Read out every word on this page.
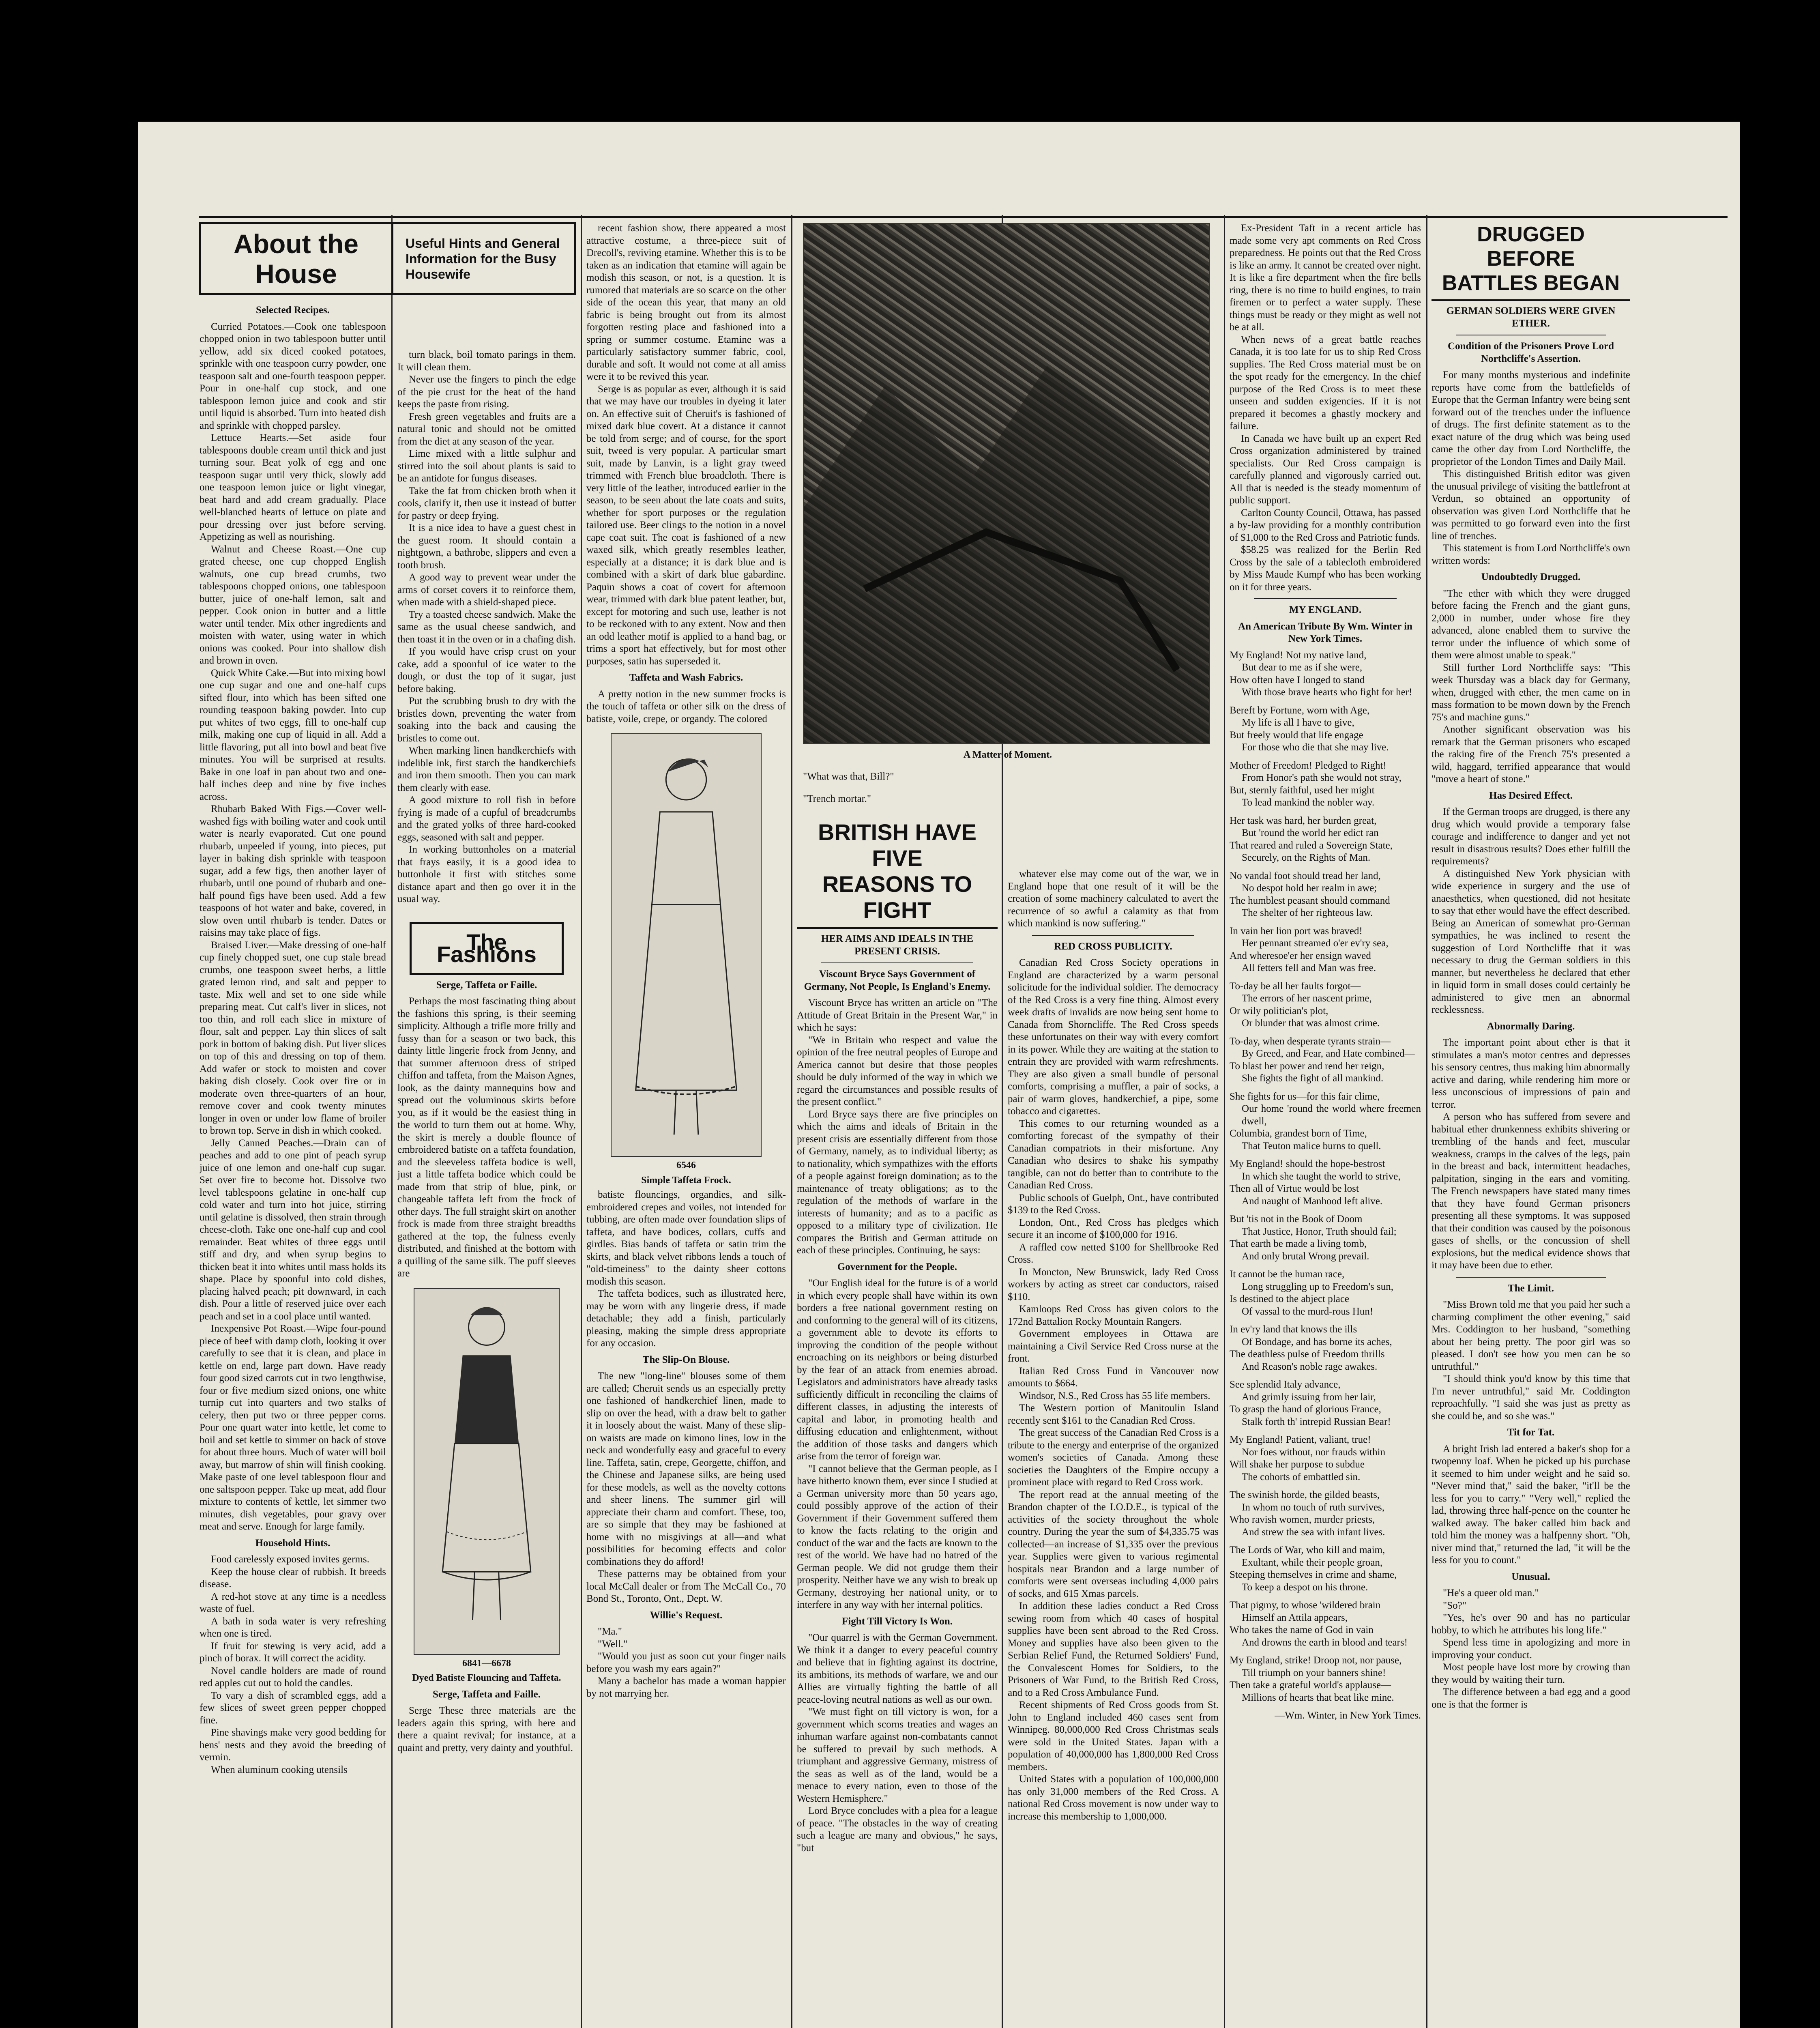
About the
House
Useful Hints and General Information for the Busy Housewife
Selected Recipes.

Curried Potatoes.—Cook one tablespoon chopped onion in two tablespoon butter until yellow, add six diced cooked potatoes, sprinkle with one teaspoon curry powder, one teaspoon salt and one-fourth teaspoon pepper. Pour in one-half cup stock, and one tablespoon lemon juice and cook and stir until liquid is absorbed. Turn into heated dish and sprinkle with chopped parsley.

Lettuce Hearts.—Set aside four tablespoons double cream until thick and just turning sour. Beat yolk of egg and one teaspoon sugar until very thick, slowly add one teaspoon lemon juice or light vinegar, beat hard and add cream gradually. Place well-blanched hearts of lettuce on plate and pour dressing over just before serving. Appetizing as well as nourishing.

Walnut and Cheese Roast.—One cup grated cheese, one cup chopped English walnuts, one cup bread crumbs, two tablespoons chopped onions, one tablespoon butter, juice of one-half lemon, salt and pepper. Cook onion in butter and a little water until tender. Mix other ingredients and moisten with water, using water in which onions was cooked. Pour into shallow dish and brown in oven.

Quick White Cake.—But into mixing bowl one cup sugar and one and one-half cups sifted flour, into which has been sifted one rounding teaspoon baking powder. Into cup put whites of two eggs, fill to one-half cup milk, making one cup of liquid in all. Add a little flavoring, put all into bowl and beat five minutes. You will be surprised at results. Bake in one loaf in pan about two and one-half inches deep and nine by five inches across.

Rhubarb Baked With Figs.—Cover well-washed figs with boiling water and cook until water is nearly evaporated. Cut one pound rhubarb, unpeeled if young, into pieces, put layer in baking dish sprinkle with teaspoon sugar, add a few figs, then another layer of rhubarb, until one pound of rhubarb and one-half pound figs have been used. Add a few teaspoons of hot water and bake, covered, in slow oven until rhubarb is tender. Dates or raisins may take place of figs.

Braised Liver.—Make dressing of one-half cup finely chopped suet, one cup stale bread crumbs, one teaspoon sweet herbs, a little grated lemon rind, and salt and pepper to taste. Mix well and set to one side while preparing meat. Cut calf's liver in slices, not too thin, and roll each slice in mixture of flour, salt and pepper. Lay thin slices of salt pork in bottom of baking dish. Put liver slices on top of this and dressing on top of them. Add wafer or stock to moisten and cover baking dish closely. Cook over fire or in moderate oven three-quarters of an hour, remove cover and cook twenty minutes longer in oven or under low flame of broiler to brown top. Serve in dish in which cooked.

Jelly Canned Peaches.—Drain can of peaches and add to one pint of peach syrup juice of one lemon and one-half cup sugar. Set over fire to become hot. Dissolve two level tablespoons gelatine in one-half cup cold water and turn into hot juice, stirring until gelatine is dissolved, then strain through cheese-cloth. Take one one-half cup and cool remainder. Beat whites of three eggs until stiff and dry, and when syrup begins to thicken beat it into whites until mass holds its shape. Place by spoonful into cold dishes, placing halved peach; pit downward, in each dish. Pour a little of reserved juice over each peach and set in a cool place until wanted.

Inexpensive Pot Roast.—Wipe four-pound piece of beef with damp cloth, looking it over carefully to see that it is clean, and place in kettle on end, large part down. Have ready four good sized carrots cut in two lengthwise, four or five medium sized onions, one white turnip cut into quarters and two stalks of celery, then put two or three pepper corns. Pour one quart water into kettle, let come to boil and set kettle to simmer on back of stove for about three hours. Much of water will boil away, but marrow of shin will finish cooking. Make paste of one level tablespoon flour and one saltspoon pepper. Take up meat, add flour mixture to contents of kettle, let simmer two minutes, dish vegetables, pour gravy over meat and serve. Enough for large family.

Household Hints.

Food carelessly exposed invites germs.

Keep the house clear of rubbish. It breeds disease.

A red-hot stove at any time is a needless waste of fuel.

A bath in soda water is very refreshing when one is tired.

If fruit for stewing is very acid, add a pinch of borax. It will correct the acidity.

Novel candle holders are made of round red apples cut out to hold the candles.

To vary a dish of scrambled eggs, add a few slices of sweet green pepper chopped fine.

Pine shavings make very good bedding for hens' nests and they avoid the breeding of vermin.

When aluminum cooking utensils

turn black, boil tomato parings in them. It will clean them.

Never use the fingers to pinch the edge of the pie crust for the heat of the hand keeps the paste from rising.

Fresh green vegetables and fruits are a natural tonic and should not be omitted from the diet at any season of the year.

Lime mixed with a little sulphur and stirred into the soil about plants is said to be an antidote for fungus diseases.

Take the fat from chicken broth when it cools, clarify it, then use it instead of butter for pastry or deep frying.

It is a nice idea to have a guest chest in the guest room. It should contain a nightgown, a bathrobe, slippers and even a tooth brush.

A good way to prevent wear under the arms of corset covers it to reinforce them, when made with a shield-shaped piece.

Try a toasted cheese sandwich. Make the same as the usual cheese sandwich, and then toast it in the oven or in a chafing dish.

If you would have crisp crust on your cake, add a spoonful of ice water to the dough, or dust the top of it sugar, just before baking.

Put the scrubbing brush to dry with the bristles down, preventing the water from soaking into the back and causing the bristles to come out.

When marking linen handkerchiefs with indelible ink, first starch the handkerchiefs and iron them smooth. Then you can mark them clearly with ease.

A good mixture to roll fish in before frying is made of a cupful of breadcrumbs and the grated yolks of three hard-cooked eggs, seasoned with salt and pepper.

In working buttonholes on a material that frays easily, it is a good idea to buttonhole it first with stitches some distance apart and then go over it in the usual way.

The Fashions
Serge, Taffeta or Faille.

Perhaps the most fascinating thing about the fashions this spring, is their seeming simplicity. Although a trifle more frilly and fussy than for a season or two back, this dainty little lingerie frock from Jenny, and that summer afternoon dress of striped chiffon and taffeta, from the Maison Agnes, look, as the dainty mannequins bow and spread out the voluminous skirts before you, as if it would be the easiest thing in the world to turn them out at home. Why, the skirt is merely a double flounce of embroidered batiste on a taffeta foundation, and the sleeveless taffeta bodice is well, just a little taffeta bodice which could be made from that strip of blue, pink, or changeable taffeta left from the frock of other days. The full straight skirt on another frock is made from three straight breadths gathered at the top, the fulness evenly distributed, and finished at the bottom with a quilling of the same silk. The puff sleeves are

6841—6678
Dyed Batiste Flouncing and Taffeta.
Serge, Taffeta and Faille.

Serge These three materials are the leaders again this spring, with here and there a quaint revival; for instance, at a quaint and pretty, very dainty and youthful.

recent fashion show, there appeared a most attractive costume, a three-piece suit of Drecoll's, reviving etamine. Whether this is to be taken as an indication that etamine will again be modish this season, or not, is a question. It is rumored that materials are so scarce on the other side of the ocean this year, that many an old fabric is being brought out from its almost forgotten resting place and fashioned into a spring or summer costume. Etamine was a particularly satisfactory summer fabric, cool, durable and soft. It would not come at all amiss were it to be revived this year.

Serge is as popular as ever, although it is said that we may have our troubles in dyeing it later on. An effective suit of Cheruit's is fashioned of mixed dark blue covert. At a distance it cannot be told from serge; and of course, for the sport suit, tweed is very popular. A particular smart suit, made by Lanvin, is a light gray tweed trimmed with French blue broadcloth. There is very little of the leather, introduced earlier in the season, to be seen about the late coats and suits, whether for sport purposes or the regulation tailored use. Beer clings to the notion in a novel cape coat suit. The coat is fashioned of a new waxed silk, which greatly resembles leather, especially at a distance; it is dark blue and is combined with a skirt of dark blue gabardine. Paquin shows a coat of covert for afternoon wear, trimmed with dark blue patent leather, but, except for motoring and such use, leather is not to be reckoned with to any extent. Now and then an odd leather motif is applied to a hand bag, or trims a sport hat effectively, but for most other purposes, satin has superseded it.

Taffeta and Wash Fabrics.

A pretty notion in the new summer frocks is the touch of taffeta or other silk on the dress of batiste, voile, crepe, or organdy. The colored

6546
Simple Taffeta Frock.

batiste flouncings, organdies, and silk-embroidered crepes and voiles, not intended for tubbing, are often made over foundation slips of taffeta, and have bodices, collars, cuffs and girdles. Bias bands of taffeta or satin trim the skirts, and black velvet ribbons lends a touch of "old-timeiness" to the dainty sheer cottons modish this season.

The taffeta bodices, such as illustrated here, may be worn with any lingerie dress, if made detachable; they add a finish, particularly pleasing, making the simple dress appropriate for any occasion.

The Slip-On Blouse.

The new "long-line" blouses some of them are called; Cheruit sends us an especially pretty one fashioned of handkerchief linen, made to slip on over the head, with a draw belt to gather it in loosely about the waist. Many of these slip-on waists are made on kimono lines, low in the neck and wonderfully easy and graceful to every line. Taffeta, satin, crepe, Georgette, chiffon, and the Chinese and Japanese silks, are being used for these models, as well as the novelty cottons and sheer linens. The summer girl will appreciate their charm and comfort. These, too, are so simple that they may be fashioned at home with no misgivings at all—and what possibilities for becoming effects and color combinations they do afford!

These patterns may be obtained from your local McCall dealer or from The McCall Co., 70 Bond St., Toronto, Ont., Dept. W.

Willie's Request.

"Ma."

"Well."

"Would you just as soon cut your finger nails before you wash my ears again?"

Many a bachelor has made a woman happier by not marrying her.

A Matter of Moment.

"What was that, Bill?"

"Trench mortar."

BRITISH HAVE FIVE
REASONS TO FIGHT
HER AIMS AND IDEALS IN THE PRESENT CRISIS.
Viscount Bryce Says Government of Germany, Not People, Is England's Enemy.

Viscount Bryce has written an article on "The Attitude of Great Britain in the Present War," in which he says:

"We in Britain who respect and value the opinion of the free neutral peoples of Europe and America cannot but desire that those peoples should be duly informed of the way in which we regard the circumstances and possible results of the present conflict."

Lord Bryce says there are five principles on which the aims and ideals of Britain in the present crisis are essentially different from those of Germany, namely, as to individual liberty; as to nationality, which sympathizes with the efforts of a people against foreign domination; as to the maintenance of treaty obligations; as to the regulation of the methods of warfare in the interests of humanity; and as to a pacific as opposed to a military type of civilization. He compares the British and German attitude on each of these principles. Continuing, he says:

Government for the People.

"Our English ideal for the future is of a world in which every people shall have within its own borders a free national government resting on and conforming to the general will of its citizens, a government able to devote its efforts to improving the condition of the people without encroaching on its neighbors or being disturbed by the fear of an attack from enemies abroad. Legislators and administrators have already tasks sufficiently difficult in reconciling the claims of different classes, in adjusting the interests of capital and labor, in promoting health and diffusing education and enlightenment, without the addition of those tasks and dangers which arise from the terror of foreign war.

"I cannot believe that the German people, as I have hitherto known them, ever since I studied at a German university more than 50 years ago, could possibly approve of the action of their Government if their Government suffered them to know the facts relating to the origin and conduct of the war and the facts are known to the rest of the world. We have had no hatred of the German people. We did not grudge them their prosperity. Neither have we any wish to break up Germany, destroying her national unity, or to interfere in any way with her internal politics.

Fight Till Victory Is Won.

"Our quarrel is with the German Government. We think it a danger to every peaceful country and believe that in fighting against its doctrine, its ambitions, its methods of warfare, we and our Allies are virtually fighting the battle of all peace-loving neutral nations as well as our own.

"We must fight on till victory is won, for a government which scorns treaties and wages an inhuman warfare against non-combatants cannot be suffered to prevail by such methods. A triumphant and aggressive Germany, mistress of the seas as well as of the land, would be a menace to every nation, even to those of the Western Hemisphere."

Lord Bryce concludes with a plea for a league of peace. "The obstacles in the way of creating such a league are many and obvious," he says, "but

whatever else may come out of the war, we in England hope that one result of it will be the creation of some machinery calculated to avert the recurrence of so awful a calamity as that from which mankind is now suffering."

RED CROSS PUBLICITY.

Canadian Red Cross Society operations in England are characterized by a warm personal solicitude for the individual soldier. The democracy of the Red Cross is a very fine thing. Almost every week drafts of invalids are now being sent home to Canada from Shorncliffe. The Red Cross speeds these unfortunates on their way with every comfort in its power. While they are waiting at the station to entrain they are provided with warm refreshments. They are also given a small bundle of personal comforts, comprising a muffler, a pair of socks, a pair of warm gloves, handkerchief, a pipe, some tobacco and cigarettes.

This comes to our returning wounded as a comforting forecast of the sympathy of their Canadian compatriots in their misfortune. Any Canadian who desires to shake his sympathy tangible, can not do better than to contribute to the Canadian Red Cross.

Public schools of Guelph, Ont., have contributed $139 to the Red Cross.

London, Ont., Red Cross has pledges which secure it an income of $100,000 for 1916.

A raffled cow netted $100 for Shellbrooke Red Cross.

In Moncton, New Brunswick, lady Red Cross workers by acting as street car conductors, raised $110.

Kamloops Red Cross has given colors to the 172nd Battalion Rocky Mountain Rangers.

Government employees in Ottawa are maintaining a Civil Service Red Cross nurse at the front.

Italian Red Cross Fund in Vancouver now amounts to $664.

Windsor, N.S., Red Cross has 55 life members.

The Western portion of Manitoulin Island recently sent $161 to the Canadian Red Cross.

The great success of the Canadian Red Cross is a tribute to the energy and enterprise of the organized women's societies of Canada. Among these societies the Daughters of the Empire occupy a prominent place with regard to Red Cross work.

The report read at the annual meeting of the Brandon chapter of the I.O.D.E., is typical of the activities of the society throughout the whole country. During the year the sum of $4,335.75 was collected—an increase of $1,335 over the previous year. Supplies were given to various regimental hospitals near Brandon and a large number of comforts were sent overseas including 4,000 pairs of socks, and 615 Xmas parcels.

In addition these ladies conduct a Red Cross sewing room from which 40 cases of hospital supplies have been sent abroad to the Red Cross. Money and supplies have also been given to the Serbian Relief Fund, the Returned Soldiers' Fund, the Convalescent Homes for Soldiers, to the Prisoners of War Fund, to the British Red Cross, and to a Red Cross Ambulance Fund.

Recent shipments of Red Cross goods from St. John to England included 460 cases sent from Winnipeg. 80,000,000 Red Cross Christmas seals were sold in the United States. Japan with a population of 40,000,000 has 1,800,000 Red Cross members.

United States with a population of 100,000,000 has only 31,000 members of the Red Cross. A national Red Cross movement is now under way to increase this membership to 1,000,000.

Ex-President Taft in a recent article has made some very apt comments on Red Cross preparedness. He points out that the Red Cross is like an army. It cannot be created over night. It is like a fire department when the fire bells ring, there is no time to build engines, to train firemen or to perfect a water supply. These things must be ready or they might as well not be at all.

When news of a great battle reaches Canada, it is too late for us to ship Red Cross supplies. The Red Cross material must be on the spot ready for the emergency. In the chief purpose of the Red Cross is to meet these unseen and sudden exigencies. If it is not prepared it becomes a ghastly mockery and failure.

In Canada we have built up an expert Red Cross organization administered by trained specialists. Our Red Cross campaign is carefully planned and vigorously carried out. All that is needed is the steady momentum of public support.

Carlton County Council, Ottawa, has passed a by-law providing for a monthly contribution of $1,000 to the Red Cross and Patriotic funds.

$58.25 was realized for the Berlin Red Cross by the sale of a tablecloth embroidered by Miss Maude Kumpf who has been working on it for three years.

MY ENGLAND.
An American Tribute By Wm. Winter in New York Times.

My England! Not my native land,

But dear to me as if she were,

How often have I longed to stand

With those brave hearts who fight for her!

Bereft by Fortune, worn with Age,

My life is all I have to give,

But freely would that life engage

For those who die that she may live.

Mother of Freedom! Pledged to Right!

From Honor's path she would not stray,

But, sternly faithful, used her might

To lead mankind the nobler way.

Her task was hard, her burden great,

But 'round the world her edict ran

That reared and ruled a Sovereign State,

Securely, on the Rights of Man.

No vandal foot should tread her land,

No despot hold her realm in awe;

The humblest peasant should command

The shelter of her righteous law.

In vain her lion port was braved!

Her pennant streamed o'er ev'ry sea,

And wheresoe'er her ensign waved

All fetters fell and Man was free.

To-day be all her faults forgot—

The errors of her nascent prime,

Or wily politician's plot,

Or blunder that was almost crime.

To-day, when desperate tyrants strain—

By Greed, and Fear, and Hate combined—

To blast her power and rend her reign,

She fights the fight of all mankind.

She fights for us—for this fair clime,

Our home 'round the world where freemen dwell,

Columbia, grandest born of Time,

That Teuton malice burns to quell.

My England! should the hope-bestrost

In which she taught the world to strive,

Then all of Virtue would be lost

And naught of Manhood left alive.

But 'tis not in the Book of Doom

That Justice, Honor, Truth should fail;

That earth be made a living tomb,

And only brutal Wrong prevail.

It cannot be the human race,

Long struggling up to Freedom's sun,

Is destined to the abject place

Of vassal to the murd-rous Hun!

In ev'ry land that knows the ills

Of Bondage, and has borne its aches,

The deathless pulse of Freedom thrills

And Reason's noble rage awakes.

See splendid Italy advance,

And grimly issuing from her lair,

To grasp the hand of glorious France,

Stalk forth th' intrepid Russian Bear!

My England! Patient, valiant, true!

Nor foes without, nor frauds within

Will shake her purpose to subdue

The cohorts of embattled sin.

The swinish horde, the gilded beasts,

In whom no touch of ruth survives,

Who ravish women, murder priests,

And strew the sea with infant lives.

The Lords of War, who kill and maim,

Exultant, while their people groan,

Steeping themselves in crime and shame,

To keep a despot on his throne.

That pigmy, to whose 'wildered brain

Himself an Attila appears,

Who takes the name of God in vain

And drowns the earth in blood and tears!

My England, strike! Droop not, nor pause,

Till triumph on your banners shine!

Then take a grateful world's applause—

Millions of hearts that beat like mine.

—Wm. Winter, in New York Times.
DRUGGED BEFORE
BATTLES BEGAN
GERMAN SOLDIERS WERE GIVEN ETHER.
Condition of the Prisoners Prove Lord Northcliffe's Assertion.

For many months mysterious and indefinite reports have come from the battlefields of Europe that the German Infantry were being sent forward out of the trenches under the influence of drugs. The first definite statement as to the exact nature of the drug which was being used came the other day from Lord Northcliffe, the proprietor of the London Times and Daily Mail.

This distinguished British editor was given the unusual privilege of visiting the battlefront at Verdun, so obtained an opportunity of observation was given Lord Northcliffe that he was permitted to go forward even into the first line of trenches.

This statement is from Lord Northcliffe's own written words:

Undoubtedly Drugged.

"The ether with which they were drugged before facing the French and the giant guns, 2,000 in number, under whose fire they advanced, alone enabled them to survive the terror under the influence of which some of them were almost unable to speak."

Still further Lord Northcliffe says: "This week Thursday was a black day for Germany, when, drugged with ether, the men came on in mass formation to be mown down by the French 75's and machine guns."

Another significant observation was his remark that the German prisoners who escaped the raking fire of the French 75's presented a wild, haggard, terrified appearance that would "move a heart of stone."

Has Desired Effect.

If the German troops are drugged, is there any drug which would provide a temporary false courage and indifference to danger and yet not result in disastrous results? Does ether fulfill the requirements?

A distinguished New York physician with wide experience in surgery and the use of anaesthetics, when questioned, did not hesitate to say that ether would have the effect described. Being an American of somewhat pro-German sympathies, he was inclined to resent the suggestion of Lord Northcliffe that it was necessary to drug the German soldiers in this manner, but nevertheless he declared that ether in liquid form in small doses could certainly be administered to give men an abnormal recklessness.

Abnormally Daring.

The important point about ether is that it stimulates a man's motor centres and depresses his sensory centres, thus making him abnormally active and daring, while rendering him more or less unconscious of impressions of pain and terror.

A person who has suffered from severe and habitual ether drunkenness exhibits shivering or trembling of the hands and feet, muscular weakness, cramps in the calves of the legs, pain in the breast and back, intermittent headaches, palpitation, singing in the ears and vomiting. The French newspapers have stated many times that they have found German prisoners presenting all these symptoms. It was supposed that their condition was caused by the poisonous gases of shells, or the concussion of shell explosions, but the medical evidence shows that it may have been due to ether.

The Limit.

"Miss Brown told me that you paid her such a charming compliment the other evening," said Mrs. Coddington to her husband, "something about her being pretty. The poor girl was so pleased. I don't see how you men can be so untruthful."

"I should think you'd know by this time that I'm never untruthful," said Mr. Coddington reproachfully. "I said she was just as pretty as she could be, and so she was."

Tit for Tat.

A bright Irish lad entered a baker's shop for a twopenny loaf. When he picked up his purchase it seemed to him under weight and he said so. "Never mind that," said the baker, "it'll be the less for you to carry." "Very well," replied the lad, throwing three half-pence on the counter he walked away. The baker called him back and told him the money was a halfpenny short. "Oh, niver mind that," returned the lad, "it will be the less for you to count."

Unusual.

"He's a queer old man."

"So?"

"Yes, he's over 90 and has no particular hobby, to which he attributes his long life."

Spend less time in apologizing and more in improving your conduct.

Most people have lost more by crowing than they would by waiting their turn.

The difference between a bad egg and a good one is that the former is
